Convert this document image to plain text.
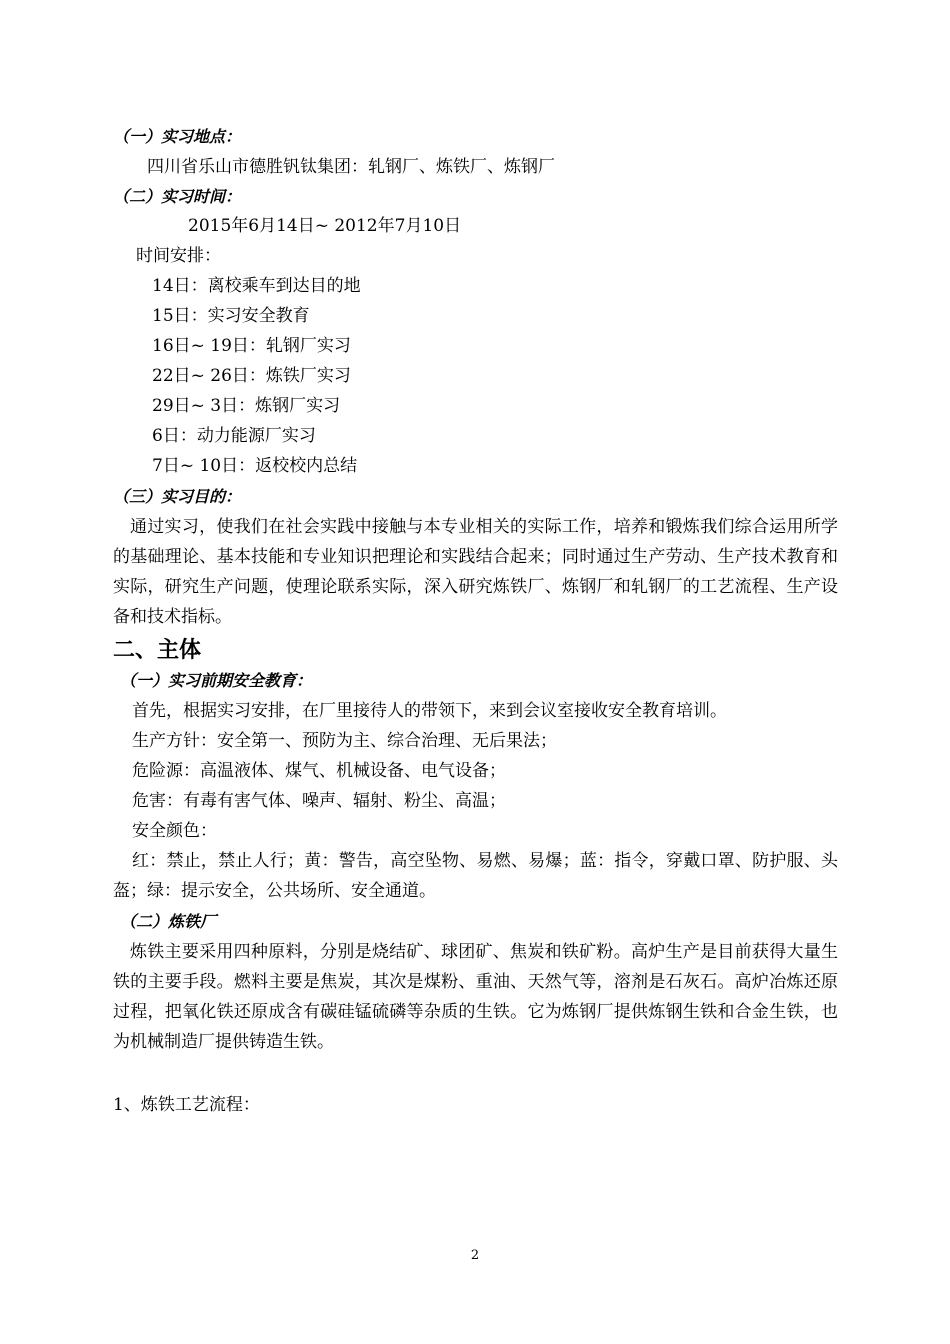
（一）实习地点：
四川省乐山市德胜钒钛集团：轧钢厂、炼铁厂、炼钢厂
（二）实习时间：
2015年6月14日~ 2012年7月10日
时间安排：
14日：离校乘车到达目的地
15日：实习安全教育
16日~ 19日：轧钢厂实习
22日~ 26日：炼铁厂实习
29日~ 3日：炼钢厂实习
6日：动力能源厂实习
7日~ 10日：返校校内总结
（三）实习目的：
通过实习，使我们在社会实践中接触与本专业相关的实际工作，培养和锻炼我们综合运用所学的基础理论、基本技能和专业知识把理论和实践结合起来；同时通过生产劳动、生产技术教育和实际，研究生产问题，使理论联系实际，深入研究炼铁厂、炼钢厂和轧钢厂的工艺流程、生产设备和技术指标。
二、主体
（一）实习前期安全教育：
首先，根据实习安排，在厂里接待人的带领下，来到会议室接收安全教育培训。
生产方针：安全第一、预防为主、综合治理、无后果法；
危险源：高温液体、煤气、机械设备、电气设备；
危害：有毒有害气体、噪声、辐射、粉尘、高温；
安全颜色：
红：禁止，禁止人行；黄：警告，高空坠物、易燃、易爆；蓝：指令，穿戴口罩、防护服、头盔；绿：提示安全，公共场所、安全通道。
（二）炼铁厂
炼铁主要采用四种原料，分别是烧结矿、球团矿、焦炭和铁矿粉。高炉生产是目前获得大量生铁的主要手段。燃料主要是焦炭，其次是煤粉、重油、天然气等，溶剂是石灰石。高炉冶炼还原过程，把氧化铁还原成含有碳硅锰硫磷等杂质的生铁。它为炼钢厂提供炼钢生铁和合金生铁，也为机械制造厂提供铸造生铁。
1、炼铁工艺流程：
2
